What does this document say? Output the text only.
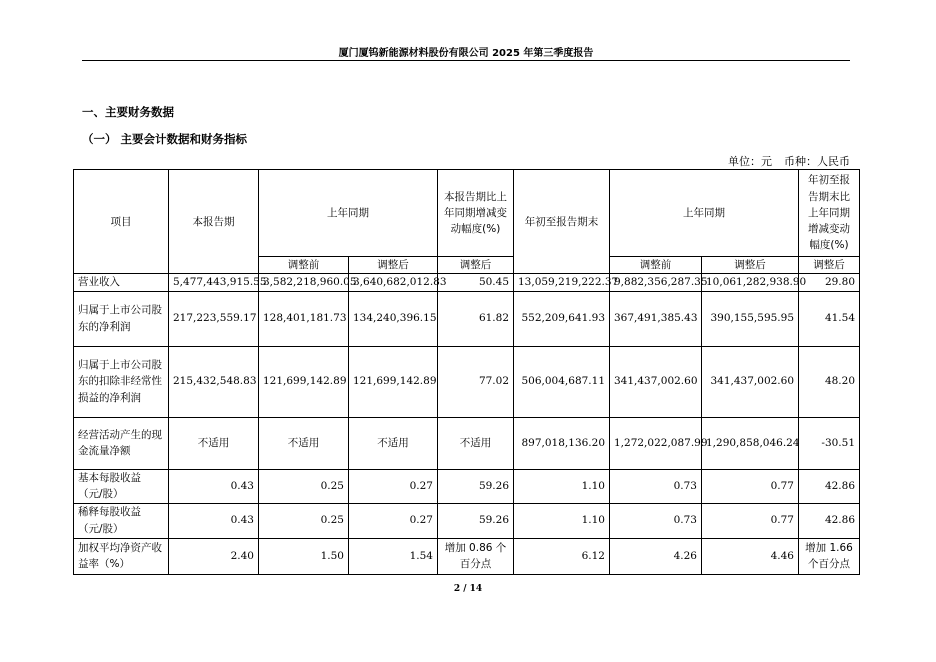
厦门厦钨新能源材料股份有限公司 2025 年第三季度报告
一、主要财务数据
（一） 主要会计数据和财务指标
单位：元 币种：人民币
项目	本报告期	上年同期		本报告期比上年同期增减变动幅度(%)	年初至报告期末	上年同期		年初至报告期末比上年同期增减变动幅度(%)
		调整前	调整后	调整后		调整前	调整后	调整后
营业收入	5,477,443,915.55	3,582,218,960.05	3,640,682,012.83	50.45	13,059,219,222.37	9,882,356,287.35	10,061,282,938.90	29.80
归属于上市公司股东的净利润	217,223,559.17	128,401,181.73	134,240,396.15	61.82	552,209,641.93	367,491,385.43	390,155,595.95	41.54
归属于上市公司股东的扣除非经常性损益的净利润	215,432,548.83	121,699,142.89	121,699,142.89	77.02	506,004,687.11	341,437,002.60	341,437,002.60	48.20
经营活动产生的现金流量净额	不适用	不适用	不适用	不适用	897,018,136.20	1,272,022,087.99	1,290,858,046.24	-30.51
基本每股收益（元/股）	0.43	0.25	0.27	59.26	1.10	0.73	0.77	42.86
稀释每股收益（元/股）	0.43	0.25	0.27	59.26	1.10	0.73	0.77	42.86
加权平均净资产收益率（%）	2.40	1.50	1.54	增加 0.86 个百分点	6.12	4.26	4.46	增加 1.66 个百分点
2 / 14
